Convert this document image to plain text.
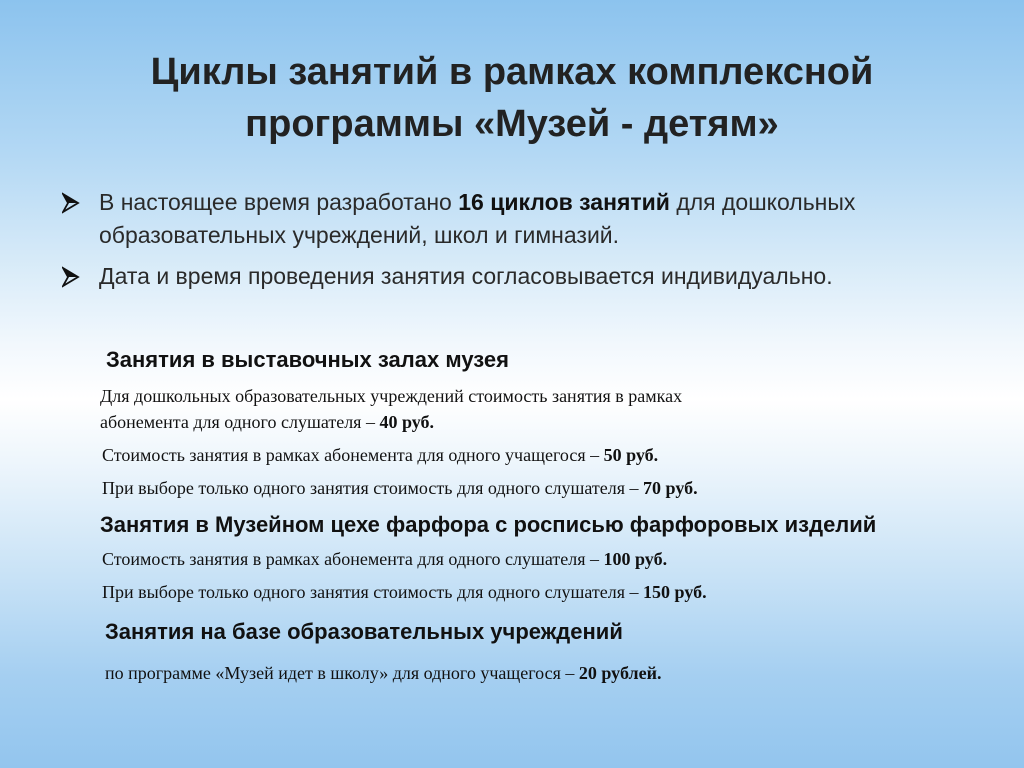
Циклы занятий в рамках комплексной
программы «Музей - детям»
В настоящее время разработано 16 циклов занятий для дошкольных образовательных учреждений, школ и гимназий.
Дата и время проведения занятия согласовывается индивидуально.
Занятия в выставочных залах музея
Для дошкольных образовательных учреждений стоимость занятия в рамках
абонемента для одного слушателя – 40 руб.
Стоимость занятия в рамках абонемента для одного учащегося – 50 руб.
При выборе только одного занятия стоимость для одного слушателя – 70 руб.
Занятия в Музейном цехе фарфора с росписью фарфоровых изделий
Стоимость занятия в рамках абонемента для одного слушателя – 100 руб.
При выборе только одного занятия стоимость для одного слушателя – 150 руб.
Занятия на базе образовательных учреждений
по программе «Музей идет в школу» для одного учащегося – 20 рублей.
